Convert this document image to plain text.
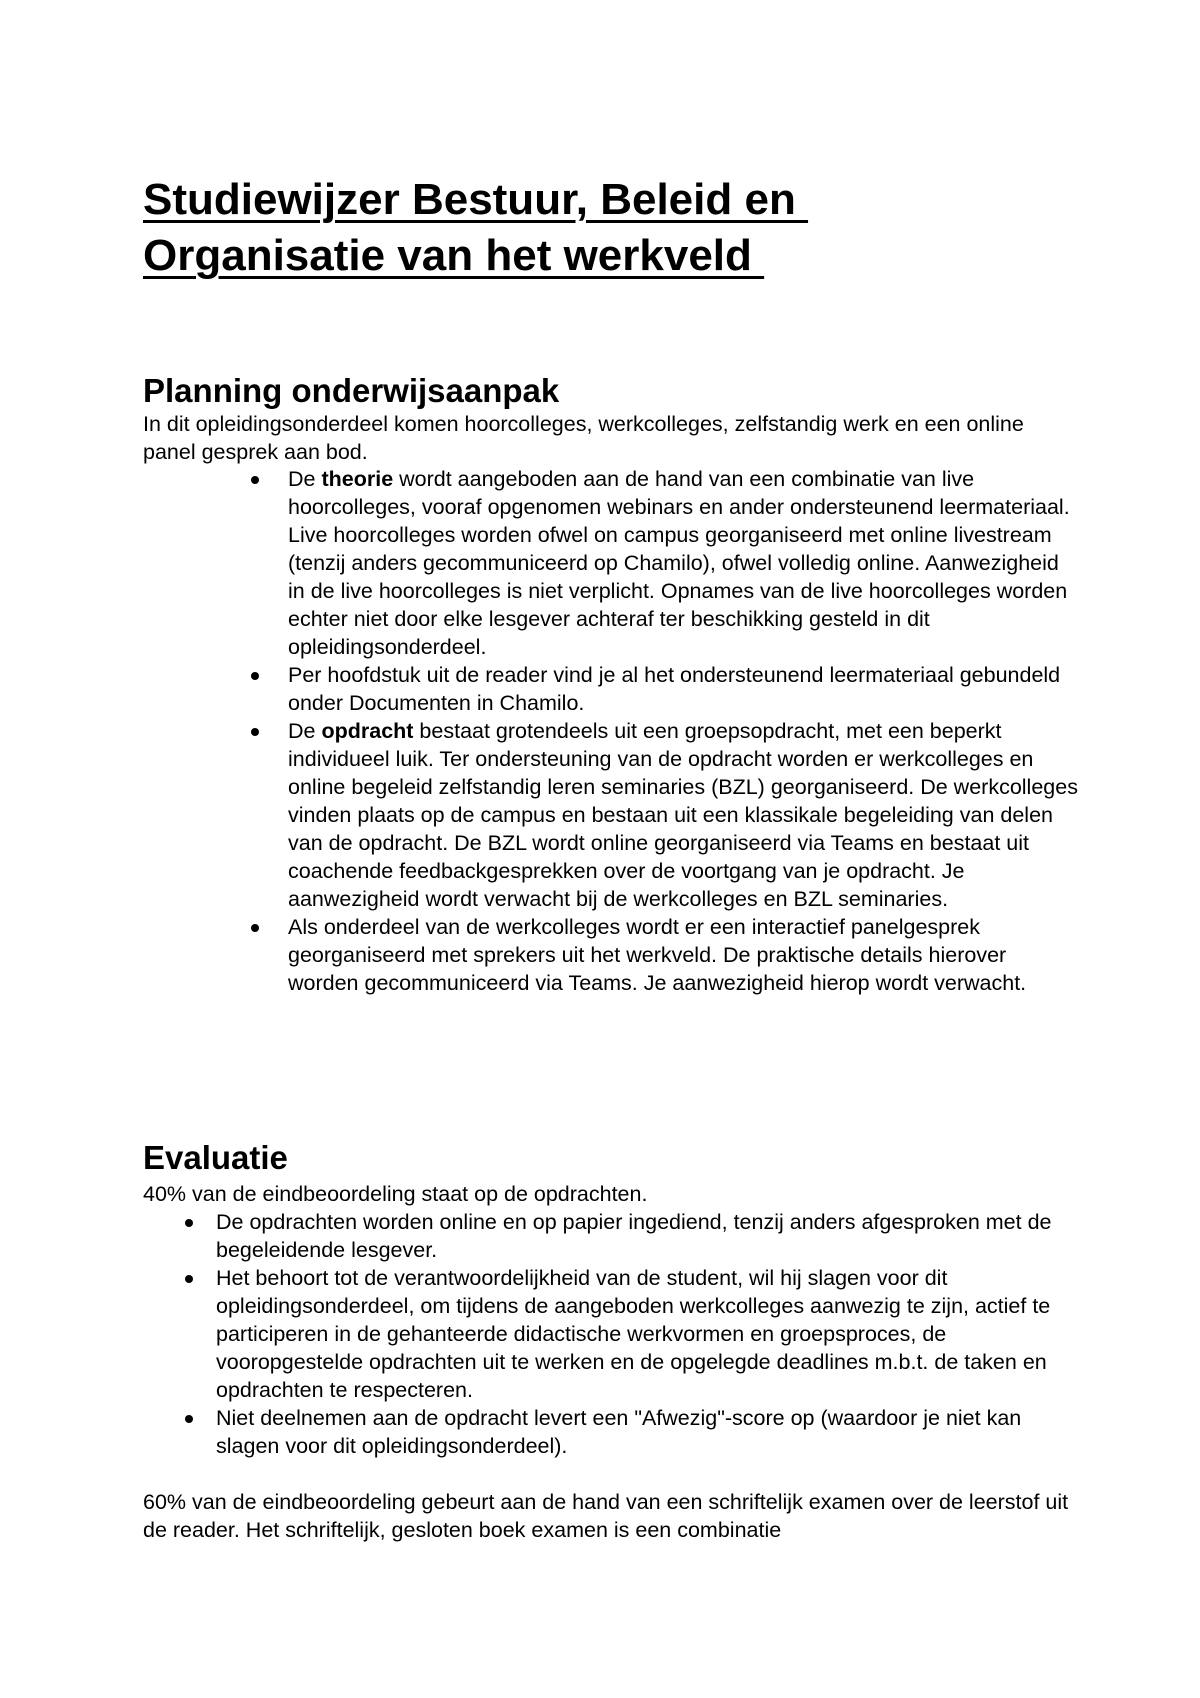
Studiewijzer Bestuur, Beleid en
Organisatie van het werkveld
Planning onderwijsaanpak

In dit opleidingsonderdeel komen hoorcolleges, werkcolleges, zelfstandig werk en een online panel gesprek aan bod.

De theorie wordt aangeboden aan de hand van een combinatie van live hoorcolleges, vooraf opgenomen webinars en ander ondersteunend leermateriaal. Live hoorcolleges worden ofwel on campus georganiseerd met online livestream (tenzij anders gecommuniceerd op Chamilo), ofwel volledig online. Aanwezigheid in de live hoorcolleges is niet verplicht. Opnames van de live hoorcolleges worden echter niet door elke lesgever achteraf ter beschikking gesteld in dit opleidingsonderdeel.
Per hoofdstuk uit de reader vind je al het ondersteunend leermateriaal gebundeld onder Documenten in Chamilo.
De opdracht bestaat grotendeels uit een groepsopdracht, met een beperkt individueel luik. Ter ondersteuning van de opdracht worden er werkcolleges en online begeleid zelfstandig leren seminaries (BZL) georganiseerd. De werkcolleges vinden plaats op de campus en bestaan uit een klassikale begeleiding van delen van de opdracht. De BZL wordt online georganiseerd via Teams en bestaat uit coachende feedbackgesprekken over de voortgang van je opdracht. Je aanwezigheid wordt verwacht bij de werkcolleges en BZL seminaries.
Als onderdeel van de werkcolleges wordt er een interactief panelgesprek georganiseerd met sprekers uit het werkveld. De praktische details hierover worden gecommuniceerd via Teams. Je aanwezigheid hierop wordt verwacht.
Evaluatie

40% van de eindbeoordeling staat op de opdrachten.

De opdrachten worden online en op papier ingediend, tenzij anders afgesproken met de begeleidende lesgever.
Het behoort tot de verantwoordelijkheid van de student, wil hij slagen voor dit opleidingsonderdeel, om tijdens de aangeboden werkcolleges aanwezig te zijn, actief te participeren in de gehanteerde didactische werkvormen en groepsproces, de vooropgestelde opdrachten uit te werken en de opgelegde deadlines m.b.t. de taken en opdrachten te respecteren.
Niet deelnemen aan de opdracht levert een "Afwezig"-score op (waardoor je niet kan slagen voor dit opleidingsonderdeel).

60% van de eindbeoordeling gebeurt aan de hand van een schriftelijk examen over de leerstof uit de reader. Het schriftelijk, gesloten boek examen is een combinatie
